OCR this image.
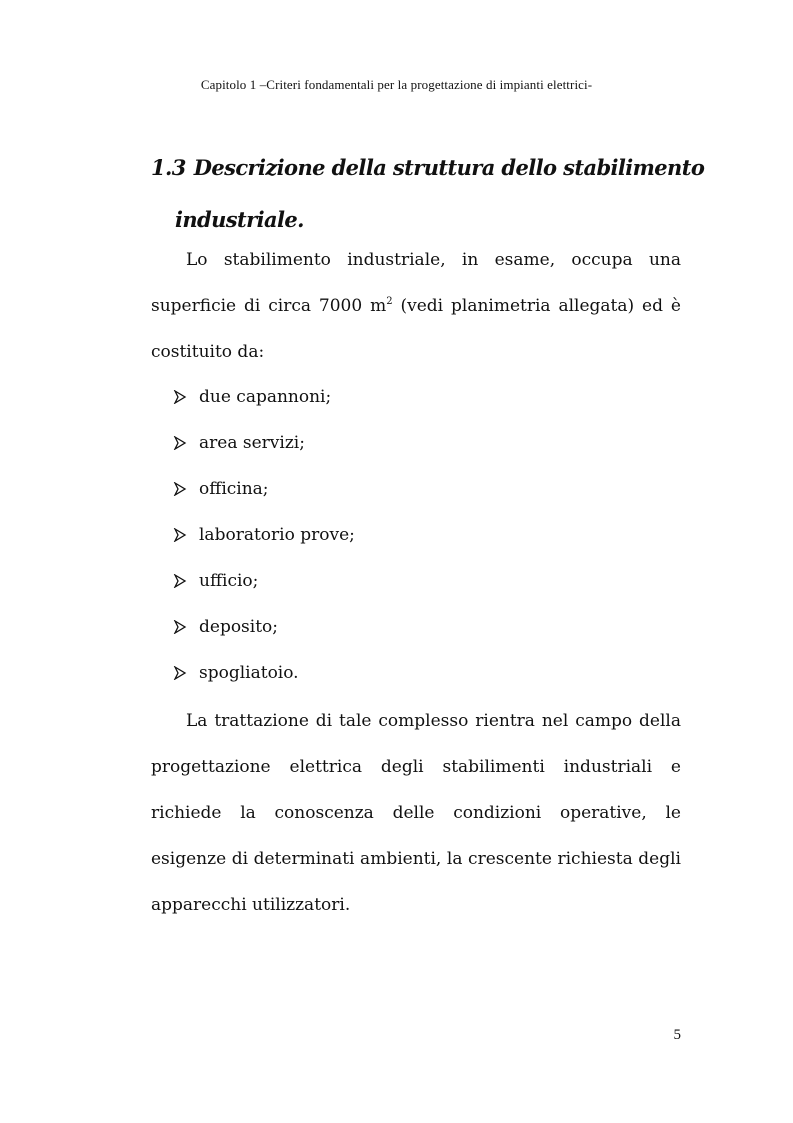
Capitolo 1 –Criteri fondamentali per la progettazione di impianti elettrici-
1.3 Descrizione della struttura dello stabilimento
industriale.

Lo stabilimento industriale, in esame, occupa una superficie di circa 7000 $m^2$ (vedi planimetria allegata) ed è costituito da:

due capannoni;
area servizi;
officina;
laboratorio prove;
ufficio;
deposito;
spogliatoio.

La trattazione di tale complesso rientra nel campo della progettazione elettrica degli stabilimenti industriali e richiede la conoscenza delle condizioni operative, le esigenze di determinati ambienti, la crescente richiesta degli apparecchi utilizzatori.

5
